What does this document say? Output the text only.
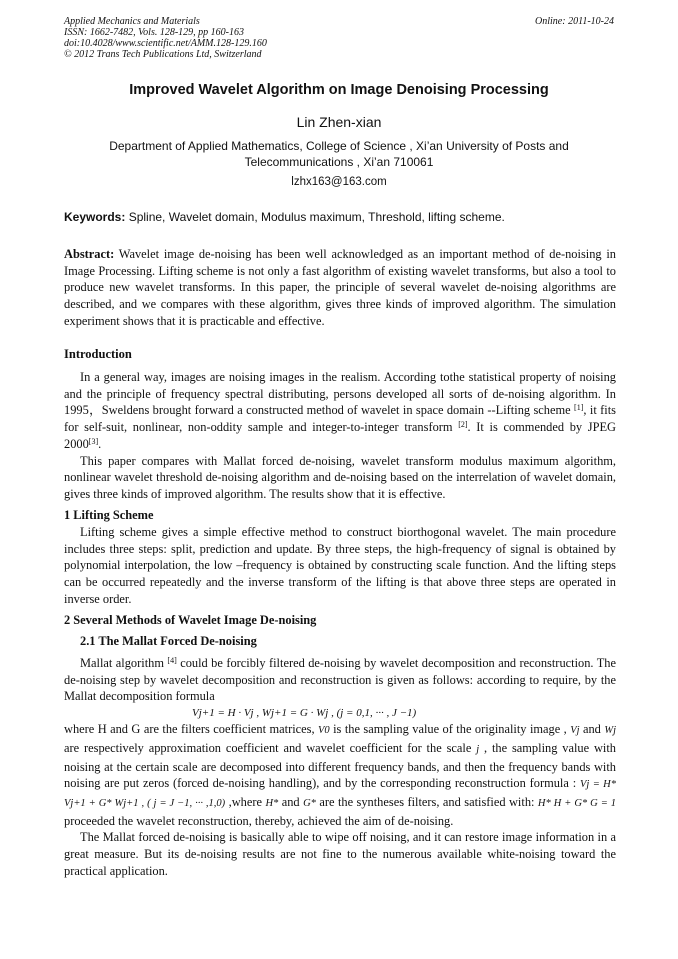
Applied Mechanics and Materials
ISSN: 1662-7482, Vols. 128-129, pp 160-163
doi:10.4028/www.scientific.net/AMM.128-129.160
© 2012 Trans Tech Publications Ltd, Switzerland
Online: 2011-10-24
Improved Wavelet Algorithm on Image Denoising Processing
Lin Zhen-xian
Department of Applied Mathematics, College of Science , Xi’an University of Posts and Telecommunications , Xi’an 710061
lzhx163@163.com
Keywords: Spline, Wavelet domain, Modulus maximum, Threshold, lifting scheme.

Abstract: Wavelet image de-noising has been well acknowledged as an important method of de-noising in Image Processing. Lifting scheme is not only a fast algorithm of existing wavelet transforms, but also a tool to produce new wavelet transforms. In this paper, the principle of several wavelet de-noising algorithms are described, and we compares with these algorithm, gives three kinds of improved algorithm. The simulation experiment shows that it is practicable and effective.

Introduction

In a general way, images are noising images in the realism. According tothe statistical property of noising and the principle of frequency spectral distributing, persons developed all sorts of de-noising algorithm. In 1995，Sweldens brought forward a constructed method of wavelet in space domain --Lifting scheme [1], it fits for self-suit, nonlinear, non-oddity sample and integer-to-integer transform [2]. It is commended by JPEG 2000[3].

This paper compares with Mallat forced de-noising, wavelet transform modulus maximum algorithm, nonlinear wavelet threshold de-noising algorithm and de-noising based on the interrelation of wavelet domain, gives three kinds of improved algorithm. The results show that it is effective.

1 Lifting Scheme

Lifting scheme gives a simple effective method to construct biorthogonal wavelet. The main procedure includes three steps: split, prediction and update. By three steps, the high-frequency of signal is obtained by polynomial interpolation, the low –frequency is obtained by constructing scale function. And the lifting steps can be occurred repeatedly and the inverse transform of the lifting is that above three steps are operated in inverse order.

2 Several Methods of Wavelet Image De-noising
2.1 The Mallat Forced De-noising

Mallat algorithm [4] could be forcibly filtered de-noising by wavelet decomposition and reconstruction. The de-noising step by wavelet decomposition and reconstruction is given as follows: according to require, by the Mallat decomposition formula

Vj+1 = H · Vj , Wj+1 = G · Wj , (j = 0,1, ··· , J −1)

where H and G are the filters coefficient matrices, V0 is the sampling value of the originality image , Vj and Wj are respectively approximation coefficient and wavelet coefficient for the scale j , the sampling value with noising at the certain scale are decomposed into different frequency bands, and then the frequency bands with noising are put zeros (forced de-noising handling), and by the corresponding reconstruction formula : Vj = H* Vj+1 + G* Wj+1 , ( j = J −1, ··· ,1,0) ,where H* and G* are the syntheses filters, and satisfied with: H* H + G* G = 1 proceeded the wavelet reconstruction, thereby, achieved the aim of de-noising.

The Mallat forced de-noising is basically able to wipe off noising, and it can restore image information in a great measure. But its de-noising results are not fine to the numerous available white-noising toward the practical application.
